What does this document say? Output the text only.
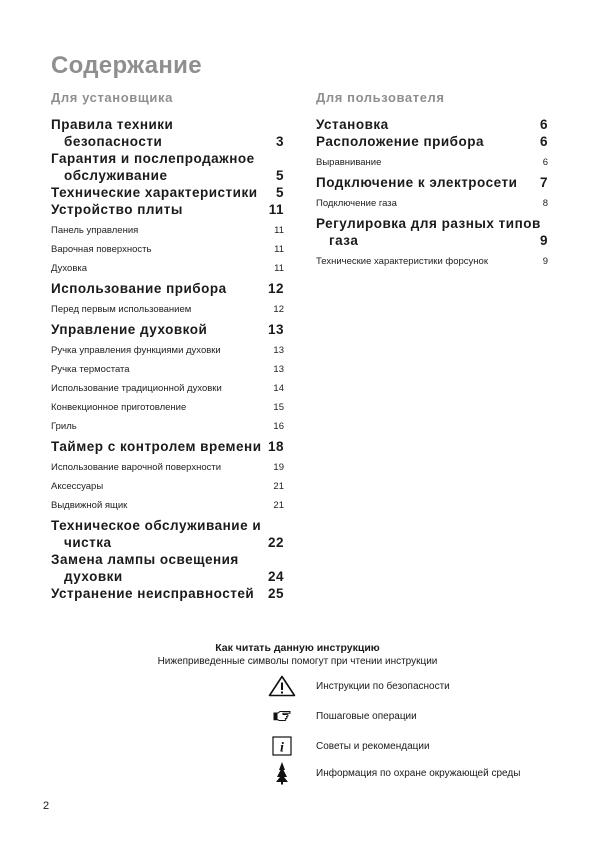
Содержание
Для установщика	Для пользователя
Правила техники
безопасности	3
Гарантия и послепродажное
обслуживание	5
Технические характеристики	5
Устройство плиты	11
Панель управления	11
Варочная поверхность	11
Духовка	11
Использование прибора	12
Перед первым использованием	12
Управление духовкой	13
Ручка управления функциями духовки	13
Ручка термостата	13
Использование традиционной духовки	14
Конвекционное приготовление	15
Гриль	16
Таймер с контролем времени 18
Использование варочной поверхности	19
Аксессуары	21
Выдвижной ящик	21
Техническое обслуживание и
чистка	22
Замена лампы освещения
духовки	24
Устранение неисправностей 25
Установка	6
Расположение прибора	6
Выравнивание	6
Подключение к электросети	7
Подключение газа	8
Регулировка для разных типов
газа	9
Технические характеристики форсунок	9
Как читать данную инструкцию
Нижеприведенные символы помогут при чтении инструкции
Инструкции по безопасности
Пошаговые операции
i	Советы и рекомендации
Информация по охране окружающей среды
2
